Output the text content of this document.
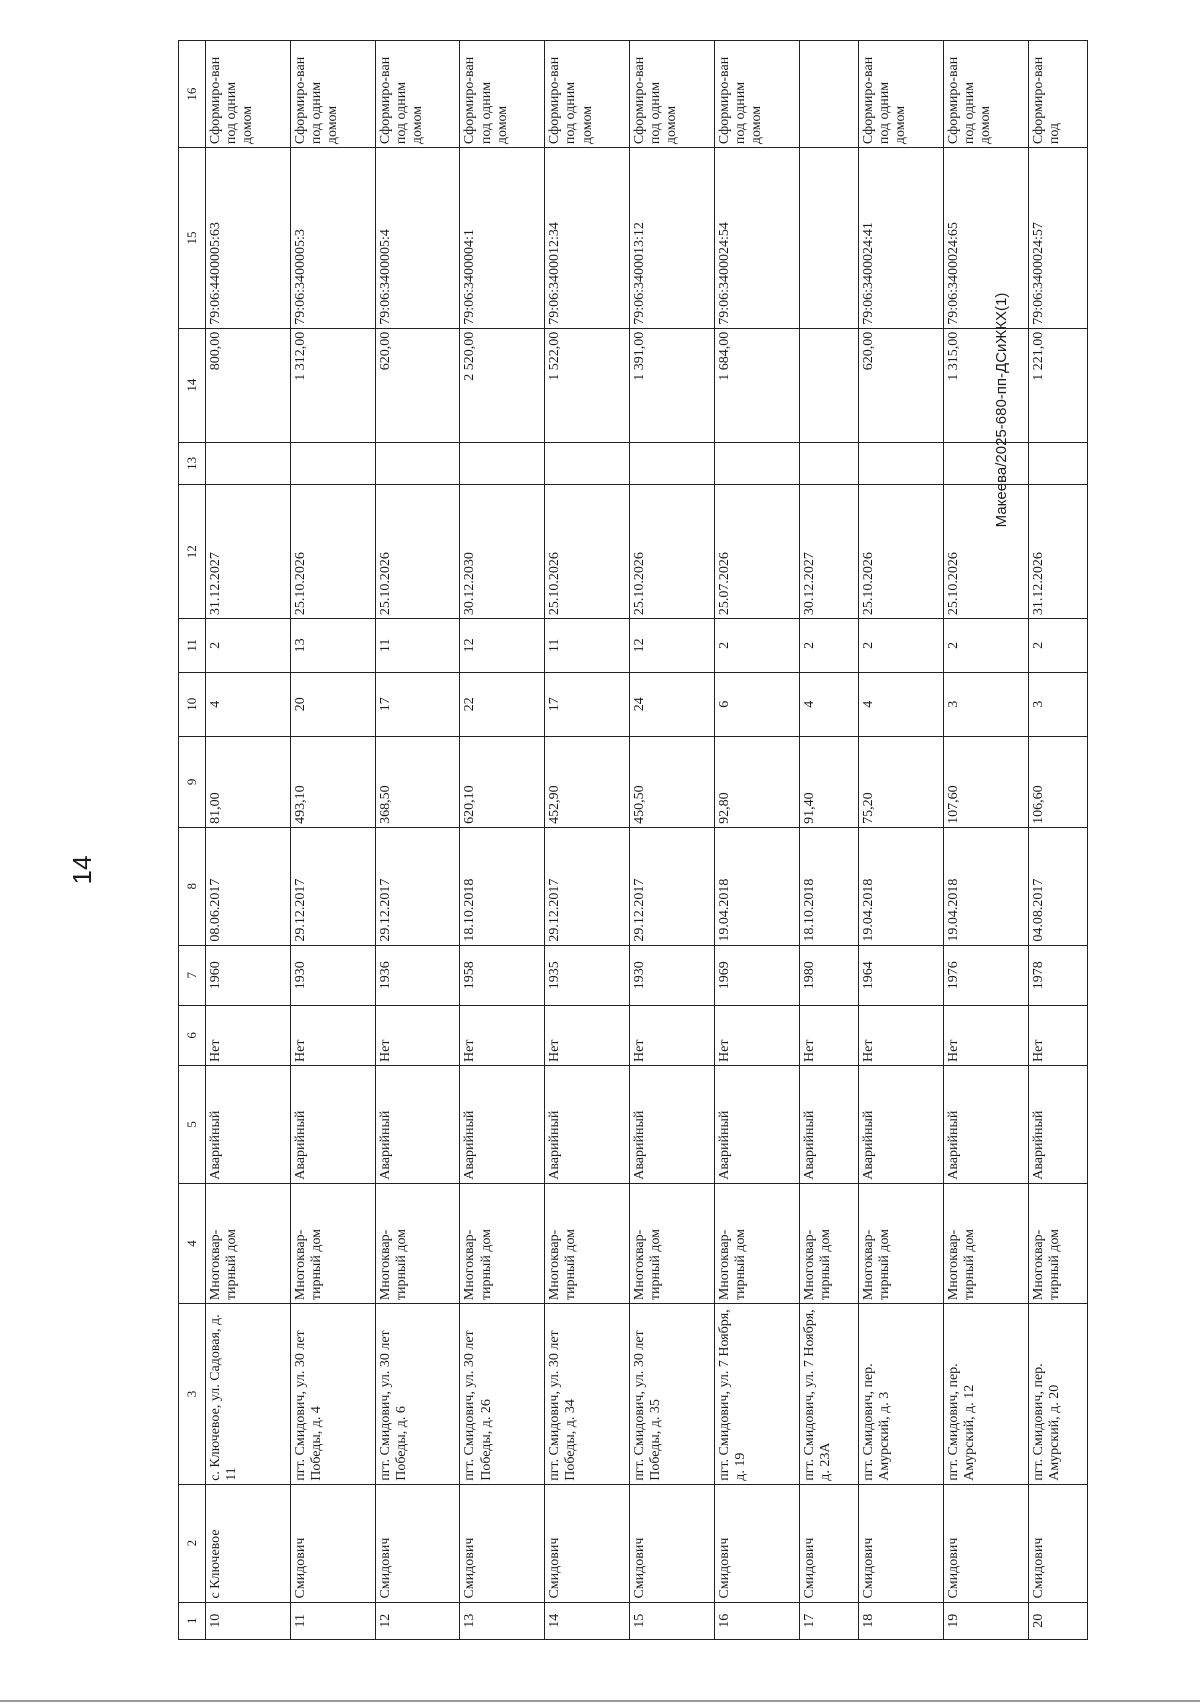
14
1	2	3	4	5	6	7	8	9	10	11	12	13	14	15	16
10	с Ключевое	с. Ключевое, ул. Садовая, д. 11	Многоквар-тирный дом	Аварийный	Нет	1960	08.06.2017	81,00	4	2	31.12.2027		800,00	79:06:4400005:63	Сформиро-ван под одним домом
11	Смидович	пгт. Смидович, ул. 30 лет Победы, д. 4	Многоквар-тирный дом	Аварийный	Нет	1930	29.12.2017	493,10	20	13	25.10.2026		1 312,00	79:06:3400005:3	Сформиро-ван под одним домом
12	Смидович	пгт. Смидович, ул. 30 лет Победы, д. 6	Многоквар-тирный дом	Аварийный	Нет	1936	29.12.2017	368,50	17	11	25.10.2026		620,00	79:06:3400005:4	Сформиро-ван под одним домом
13	Смидович	пгт. Смидович, ул. 30 лет Победы, д. 26	Многоквар-тирный дом	Аварийный	Нет	1958	18.10.2018	620,10	22	12	30.12.2030		2 520,00	79:06:3400004:1	Сформиро-ван под одним домом
14	Смидович	пгт. Смидович, ул. 30 лет Победы, д. 34	Многоквар-тирный дом	Аварийный	Нет	1935	29.12.2017	452,90	17	11	25.10.2026		1 522,00	79:06:3400012:34	Сформиро-ван под одним домом
15	Смидович	пгт. Смидович, ул. 30 лет Победы, д. 35	Многоквар-тирный дом	Аварийный	Нет	1930	29.12.2017	450,50	24	12	25.10.2026		1 391,00	79:06:3400013:12	Сформиро-ван под одним домом
16	Смидович	пгт. Смидович, ул. 7 Ноября, д. 19	Многоквар-тирный дом	Аварийный	Нет	1969	19.04.2018	92,80	6	2	25.07.2026		1 684,00	79:06:3400024:54	Сформиро-ван под одним домом
17	Смидович	пгт. Смидович, ул. 7 Ноября, д. 23А	Многоквар-тирный дом	Аварийный	Нет	1980	18.10.2018	91,40	4	2	30.12.2027				
18	Смидович	пгт. Смидович, пер. Амурский, д. 3	Многоквар-тирный дом	Аварийный	Нет	1964	19.04.2018	75,20	4	2	25.10.2026		620,00	79:06:3400024:41	Сформиро-ван под одним домом
19	Смидович	пгт. Смидович, пер. Амурский, д. 12	Многоквар-тирный дом	Аварийный	Нет	1976	19.04.2018	107,60	3	2	25.10.2026		1 315,00	79:06:3400024:65	Сформиро-ван под одним домом
20	Смидович	пгт. Смидович, пер. Амурский, д. 20	Многоквар-тирный дом	Аварийный	Нет	1978	04.08.2017	106,60	3	2	31.12.2026		1 221,00	79:06:3400024:57	Сформиро-ван под
Макеева/2025-680-пп-ДСиЖКХ(1)
